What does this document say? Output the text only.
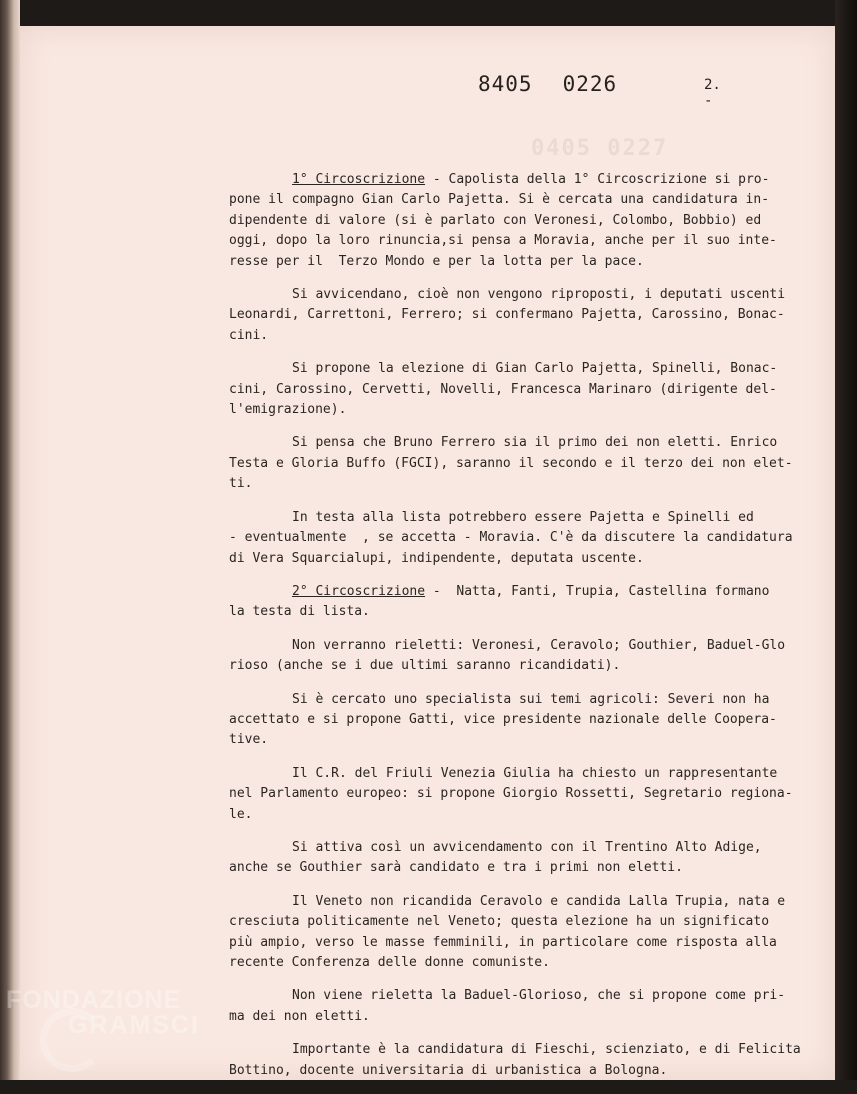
0405 0227
8405 0226	2. -

1° Circoscrizione - Capolista della 1° Circoscrizione si pro-
pone il compagno Gian Carlo Pajetta. Si è cercata una candidatura in-
dipendente di valore (si è parlato con Veronesi, Colombo, Bobbio) ed
oggi, dopo la loro rinuncia,si pensa a Moravia, anche per il suo inte-
resse per il  Terzo Mondo e per la lotta per la pace.

Si avvicendano, cioè non vengono riproposti, i deputati uscenti
Leonardi, Carrettoni, Ferrero; si confermano Pajetta, Carossino, Bonac-
cini.

Si propone la elezione di Gian Carlo Pajetta, Spinelli, Bonac-
cini, Carossino, Cervetti, Novelli, Francesca Marinaro (dirigente del-
l'emigrazione).

Si pensa che Bruno Ferrero sia il primo dei non eletti. Enrico
Testa e Gloria Buffo (FGCI), saranno il secondo e il terzo dei non elet-
ti.

In testa alla lista potrebbero essere Pajetta e Spinelli ed
- eventualmente  , se accetta - Moravia. C'è da discutere la candidatura
di Vera Squarcialupi, indipendente, deputata uscente.

2° Circoscrizione -  Natta, Fanti, Trupia, Castellina formano
la testa di lista.

Non verranno rieletti: Veronesi, Ceravolo; Gouthier, Baduel-Glo
rioso (anche se i due ultimi saranno ricandidati).

Si è cercato uno specialista sui temi agricoli: Severi non ha
accettato e si propone Gatti, vice presidente nazionale delle Coopera-
tive.

Il C.R. del Friuli Venezia Giulia ha chiesto un rappresentante
nel Parlamento europeo: si propone Giorgio Rossetti, Segretario regiona-
le.

Si attiva così un avvicendamento con il Trentino Alto Adige,
anche se Gouthier sarà candidato e tra i primi non eletti.

Il Veneto non ricandida Ceravolo e candida Lalla Trupia, nata e
cresciuta politicamente nel Veneto; questa elezione ha un significato
più ampio, verso le masse femminili, in particolare come risposta alla
recente Conferenza delle donne comuniste.

Non viene rieletta la Baduel-Glorioso, che si propone come pri-
ma dei non eletti.

Importante è la candidatura di Fieschi, scienziato, e di Felicita
Bottino, docente universitaria di urbanistica a Bologna.

FONDAZIONE
GRAMSCI
